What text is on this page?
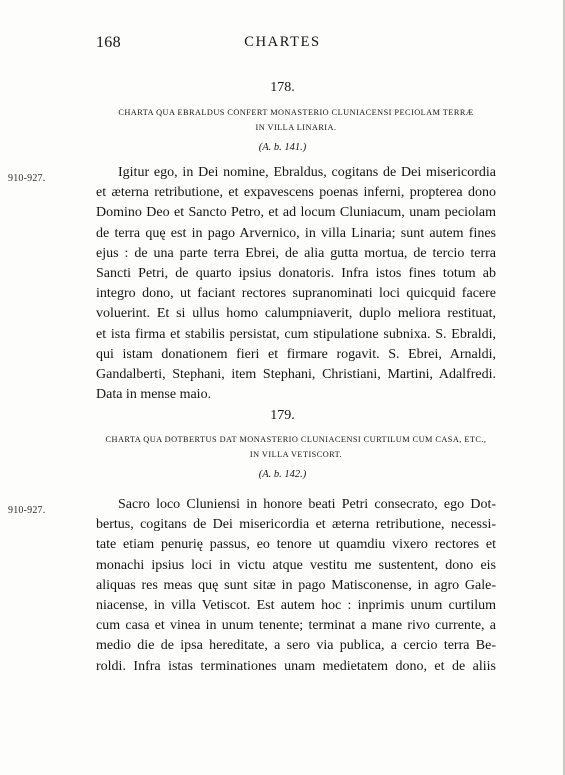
168	CHARTES
178.
CHARTA QUA EBRALDUS CONFERT MONASTERIO CLUNIACENSI PECIOLAM TERRÆ
IN VILLA LINARIA.
(A. b. 141.)
910-927.	Igitur ego, in Dei nomine, Ebraldus, cogitans de Dei misericordia
et æterna retributione, et expavescens poenas inferni, propterea dono
Domino Deo et Sancto Petro, et ad locum Cluniacum, unam peciolam
de terra quę est in pago Arvernico, in villa Linaria; sunt autem fines
ejus : de una parte terra Ebrei, de alia gutta mortua, de tercio terra
Sancti Petri, de quarto ipsius donatoris. Infra istos fines totum ab
integro dono, ut faciant rectores supranominati loci quicquid facere
voluerint. Et si ullus homo calumpniaverit, duplo meliora restituat,
et ista firma et stabilis persistat, cum stipulatione subnixa. S. Ebraldi,
qui istam donationem fieri et firmare rogavit. S. Ebrei, Arnaldi,
Gandalberti, Stephani, item Stephani, Christiani, Martini, Adalfredi.
Data in mense maio.
179.
CHARTA QUA DOTBERTUS DAT MONASTERIO CLUNIACENSI CURTILUM CUM CASA, ETC.,
IN VILLA VETISCORT.
(A. b. 142.)
910-927.	Sacro loco Cluniensi in honore beati Petri consecrato, ego Dot-
bertus, cogitans de Dei misericordia et æterna retributione, necessi-
tate etiam penurię passus, eo tenore ut quamdiu vixero rectores et
monachi ipsius loci in victu atque vestitu me sustentent, dono eis
aliquas res meas quę sunt sitæ in pago Matisconense, in agro Gale-
niacense, in villa Vetiscot. Est autem hoc : inprimis unum curtilum
cum casa et vinea in unum tenente; terminat a mane rivo currente, a
medio die de ipsa hereditate, a sero via publica, a cercio terra Be-
roldi. Infra istas terminationes unam medietatem dono, et de aliis
